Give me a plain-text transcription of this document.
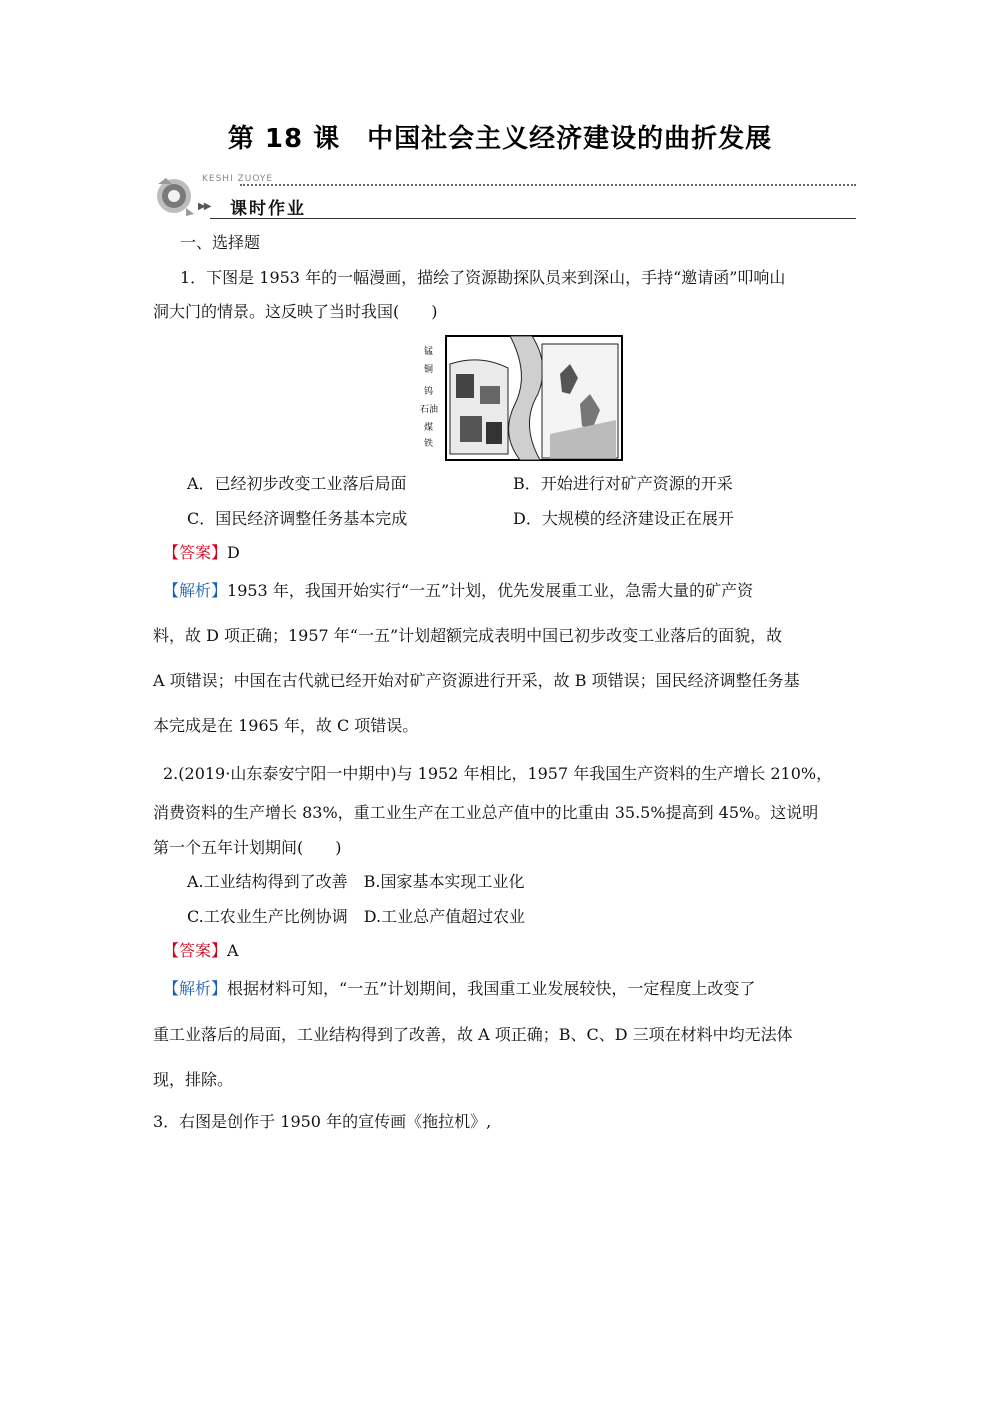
第 18 课　中国社会主义经济建设的曲折发展
KESHI ZUOYE
▶▶ 课时作业
一、选择题
1．下图是 1953 年的一幅漫画，描绘了资源勘探队员来到深山，手持“邀请函”叩响山
洞大门的情景。这反映了当时我国(　　)
锰
铜
钨
石油
煤
铁
A．已经初步改变工业落后局面	B．开始进行对矿产资源的开采
C．国民经济调整任务基本完成	D．大规模的经济建设正在展开
【答案】D
【解析】1953 年，我国开始实行“一五”计划，优先发展重工业，急需大量的矿产资
料，故 D 项正确；1957 年“一五”计划超额完成表明中国已初步改变工业落后的面貌，故
A 项错误；中国在古代就已经开始对矿产资源进行开采，故 B 项错误；国民经济调整任务基
本完成是在 1965 年，故 C 项错误。
2.(2019·山东泰安宁阳一中期中)与 1952 年相比，1957 年我国生产资料的生产增长 210%，
消费资料的生产增长 83%，重工业生产在工业总产值中的比重由 35.5%提高到 45%。这说明
第一个五年计划期间(　　)
A.工业结构得到了改善　B.国家基本实现工业化
C.工农业生产比例协调　D.工业总产值超过农业
【答案】A
【解析】根据材料可知，“一五”计划期间，我国重工业发展较快，一定程度上改变了
重工业落后的局面，工业结构得到了改善，故 A 项正确；B、C、D 三项在材料中均无法体
现，排除。
3．右图是创作于 1950 年的宣传画《拖拉机》,
